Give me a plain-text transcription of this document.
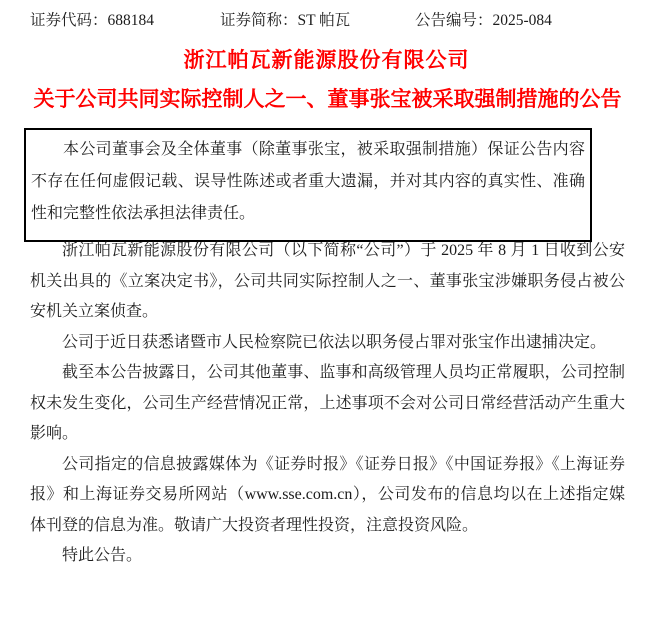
证券代码：688184	证券简称：ST 帕瓦	公告编号：2025-084
浙江帕瓦新能源股份有限公司
关于公司共同实际控制人之一、董事张宝被采取强制措施的公告

本公司董事会及全体董事（除董事张宝，被采取强制措施）保证公告内容不存在任何虚假记载、误导性陈述或者重大遗漏，并对其内容的真实性、准确性和完整性依法承担法律责任。

浙江帕瓦新能源股份有限公司（以下简称“公司”）于 2025 年 8 月 1 日收到公安机关出具的《立案决定书》，公司共同实际控制人之一、董事张宝涉嫌职务侵占被公安机关立案侦查。

公司于近日获悉诸暨市人民检察院已依法以职务侵占罪对张宝作出逮捕决定。

截至本公告披露日，公司其他董事、监事和高级管理人员均正常履职，公司控制权未发生变化，公司生产经营情况正常，上述事项不会对公司日常经营活动产生重大影响。

公司指定的信息披露媒体为《证券时报》《证券日报》《中国证券报》《上海证券报》和上海证券交易所网站（www.sse.com.cn），公司发布的信息均以在上述指定媒体刊登的信息为准。敬请广大投资者理性投资，注意投资风险。

特此公告。
